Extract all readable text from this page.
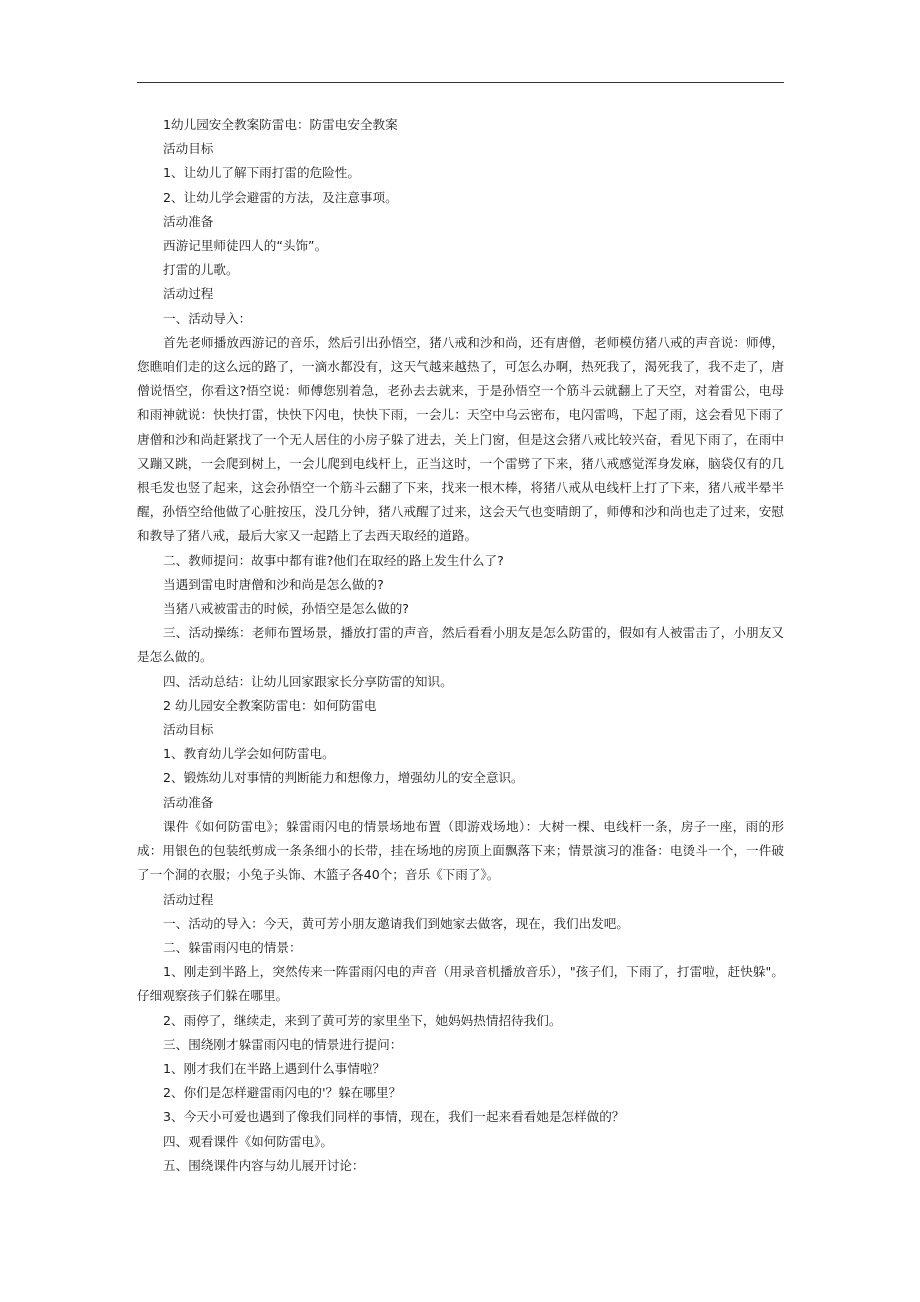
1幼儿园安全教案防雷电：防雷电安全教案

活动目标

1、让幼儿了解下雨打雷的危险性。

2、让幼儿学会避雷的方法，及注意事项。

活动准备

西游记里师徒四人的“头饰”。

打雷的儿歌。

活动过程

一、活动导入：

首先老师播放西游记的音乐，然后引出孙悟空，猪八戒和沙和尚，还有唐僧，老师模仿猪八戒的声音说：师傅，您瞧咱们走的这么远的路了，一滴水都没有，这天气越来越热了，可怎么办啊，热死我了，渴死我了，我不走了，唐僧说悟空，你看这?悟空说：师傅您别着急，老孙去去就来，于是孙悟空一个筋斗云就翻上了天空，对着雷公，电母和雨神就说：快快打雷，快快下闪电，快快下雨，一会儿：天空中乌云密布，电闪雷鸣，下起了雨，这会看见下雨了唐僧和沙和尚赶紧找了一个无人居住的小房子躲了进去，关上门窗，但是这会猪八戒比较兴奋，看见下雨了，在雨中又蹦又跳，一会爬到树上，一会儿爬到电线杆上，正当这时，一个雷劈了下来，猪八戒感觉浑身发麻，脑袋仅有的几根毛发也竖了起来，这会孙悟空一个筋斗云翻了下来，找来一根木棒，将猪八戒从电线杆上打了下来，猪八戒半晕半醒，孙悟空给他做了心脏按压，没几分钟，猪八戒醒了过来，这会天气也变晴朗了，师傅和沙和尚也走了过来，安慰和教导了猪八戒，最后大家又一起踏上了去西天取经的道路。

二、教师提问：故事中都有谁?他们在取经的路上发生什么了?

当遇到雷电时唐僧和沙和尚是怎么做的?

当猪八戒被雷击的时候，孙悟空是怎么做的?

三、活动操练：老师布置场景，播放打雷的声音，然后看看小朋友是怎么防雷的，假如有人被雷击了，小朋友又是怎么做的。

四、活动总结：让幼儿回家跟家长分享防雷的知识。

2 幼儿园安全教案防雷电：如何防雷电

活动目标

1、教育幼儿学会如何防雷电。

2、锻炼幼儿对事情的判断能力和想像力，增强幼儿的安全意识。

活动准备

课件《如何防雷电》；躲雷雨闪电的情景场地布置（即游戏场地）：大树一棵、电线杆一条，房子一座，雨的形成：用银色的包装纸剪成一条条细小的长带，挂在场地的房顶上面飘落下来；情景演习的准备：电烫斗一个，一件破了一个洞的衣服；小兔子头饰、木篮子各40个；音乐《下雨了》。

活动过程

一、活动的导入：今天，黄可芳小朋友邀请我们到她家去做客，现在，我们出发吧。

二、躲雷雨闪电的情景：

1、刚走到半路上，突然传来一阵雷雨闪电的声音（用录音机播放音乐），"孩子们，下雨了，打雷啦，赶快躲"。仔细观察孩子们躲在哪里。

2、雨停了，继续走，来到了黄可芳的家里坐下，她妈妈热情招待我们。

三、围绕刚才躲雷雨闪电的情景进行提问：

1、刚才我们在半路上遇到什么事情啦？

2、你们是怎样避雷雨闪电的'？躲在哪里？

3、今天小可爱也遇到了像我们同样的事情，现在，我们一起来看看她是怎样做的？

四、观看课件《如何防雷电》。

五、围绕课件内容与幼儿展开讨论：
